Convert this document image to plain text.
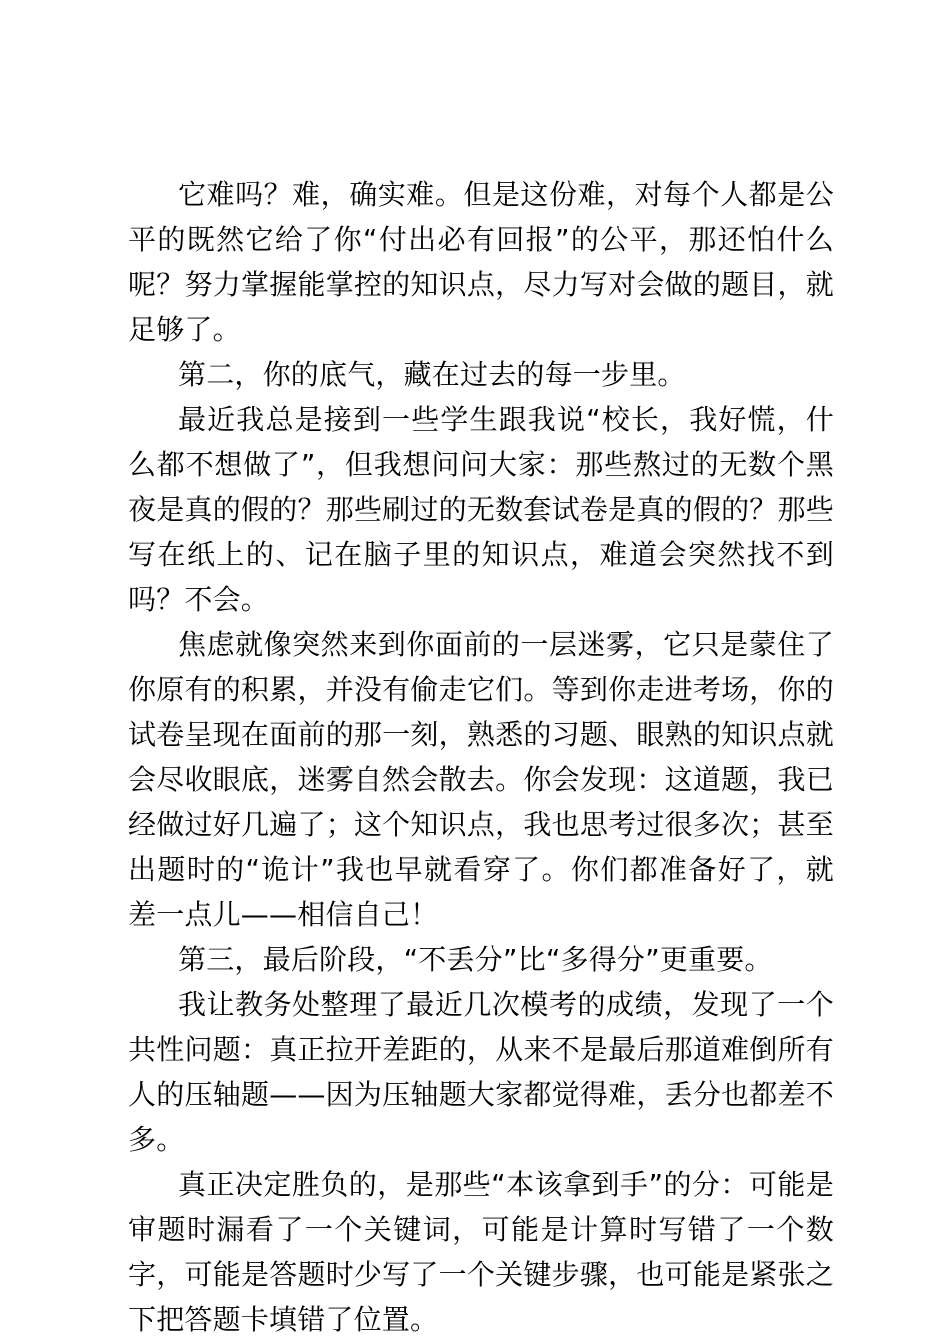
它难吗？难，确实难。但是这份难，对每个人都是公平的既然它给了你“付出必有回报”的公平，那还怕什么呢？努力掌握能掌控的知识点，尽力写对会做的题目，就足够了。

第二，你的底气，藏在过去的每一步里。

最近我总是接到一些学生跟我说“校长，我好慌，什么都不想做了”，但我想问问大家：那些熬过的无数个黑夜是真的假的？那些刷过的无数套试卷是真的假的？那些写在纸上的、记在脑子里的知识点，难道会突然找不到吗？不会。

焦虑就像突然来到你面前的一层迷雾，它只是蒙住了你原有的积累，并没有偷走它们。等到你走进考场，你的试卷呈现在面前的那一刻，熟悉的习题、眼熟的知识点就会尽收眼底，迷雾自然会散去。你会发现：这道题，我已经做过好几遍了；这个知识点，我也思考过很多次；甚至出题时的“诡计”我也早就看穿了。你们都准备好了，就差一点儿——相信自己！

第三，最后阶段，“不丢分”比“多得分”更重要。

我让教务处整理了最近几次模考的成绩，发现了一个共性问题：真正拉开差距的，从来不是最后那道难倒所有人的压轴题——因为压轴题大家都觉得难，丢分也都差不多。

真正决定胜负的，是那些“本该拿到手”的分：可能是审题时漏看了一个关键词，可能是计算时写错了一个数字，可能是答题时少写了一个关键步骤，也可能是紧张之下把答题卡填错了位置。
